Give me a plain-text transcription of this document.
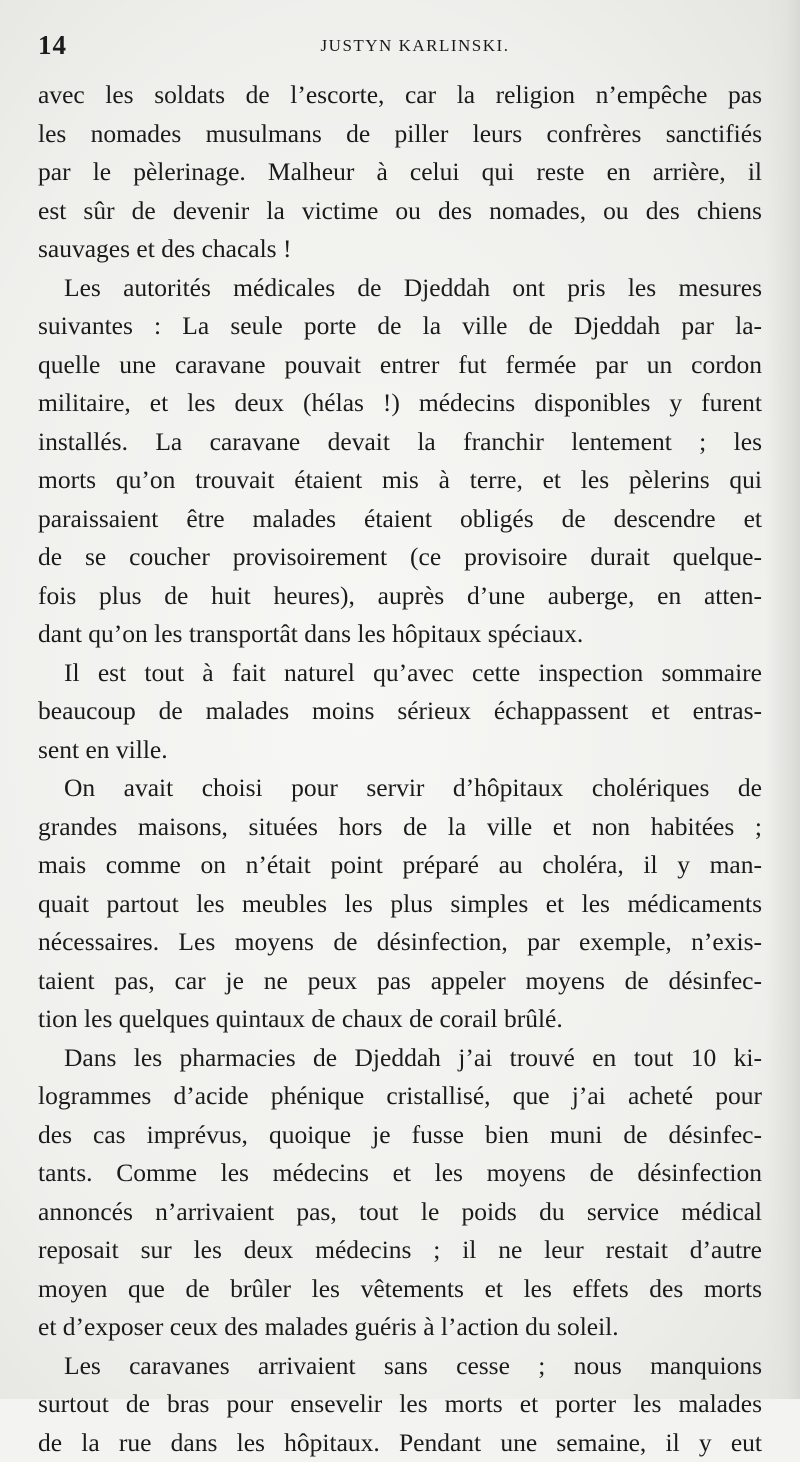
14	JUSTYN KARLINSKI.
avec les soldats de l’escorte, car la religion n’empêche pas
les nomades musulmans de piller leurs confrères sanctifiés
par le pèlerinage. Malheur à celui qui reste en arrière, il
est sûr de devenir la victime ou des nomades, ou des chiens
sauvages et des chacals !
Les autorités médicales de Djeddah ont pris les mesures
suivantes : La seule porte de la ville de Djeddah par la-
quelle une caravane pouvait entrer fut fermée par un cordon
militaire, et les deux (hélas !) médecins disponibles y furent
installés. La caravane devait la franchir lentement ; les
morts qu’on trouvait étaient mis à terre, et les pèlerins qui
paraissaient être malades étaient obligés de descendre et
de se coucher provisoirement (ce provisoire durait quelque-
fois plus de huit heures), auprès d’une auberge, en atten-
dant qu’on les transportât dans les hôpitaux spéciaux.
Il est tout à fait naturel qu’avec cette inspection sommaire
beaucoup de malades moins sérieux échappassent et entras-
sent en ville.
On avait choisi pour servir d’hôpitaux cholériques de
grandes maisons, situées hors de la ville et non habitées ;
mais comme on n’était point préparé au choléra, il y man-
quait partout les meubles les plus simples et les médicaments
nécessaires. Les moyens de désinfection, par exemple, n’exis-
taient pas, car je ne peux pas appeler moyens de désinfec-
tion les quelques quintaux de chaux de corail brûlé.
Dans les pharmacies de Djeddah j’ai trouvé en tout 10 ki-
logrammes d’acide phénique cristallisé, que j’ai acheté pour
des cas imprévus, quoique je fusse bien muni de désinfec-
tants. Comme les médecins et les moyens de désinfection
annoncés n’arrivaient pas, tout le poids du service médical
reposait sur les deux médecins ; il ne leur restait d’autre
moyen que de brûler les vêtements et les effets des morts
et d’exposer ceux des malades guéris à l’action du soleil.
Les caravanes arrivaient sans cesse ; nous manquions
surtout de bras pour ensevelir les morts et porter les malades
de la rue dans les hôpitaux. Pendant une semaine, il y eut
